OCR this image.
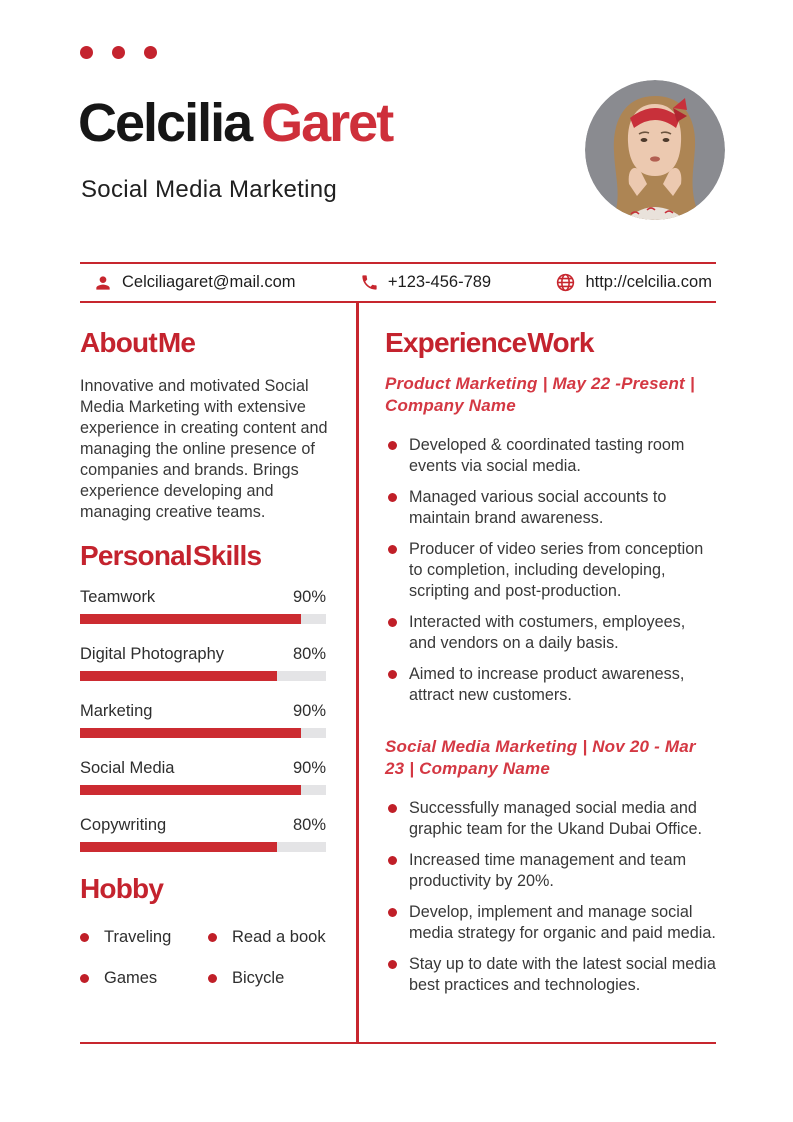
Celcilia Garet
Social Media Marketing
Celciliagaret@mail.com	+123-456-789	http://celcilia.com
About Me

Innovative and motivated Social Media Marketing with extensive experience in creating content and managing the online presence of companies and brands. Brings experience developing and managing creative teams.

Personal Skills
Teamwork	90%
Digital Photography	80%
Marketing	90%
Social Media	90%
Copywriting	80%
Hobby
Traveling
Games
Read a book
Bicycle
Experience Work
Product Marketing | May 22 -Present | Company Name
Developed & coordinated tasting room events via social media.
Managed various social accounts to maintain brand awareness.
Producer of video series from conception to completion, including developing, scripting and post-production.
Interacted with costumers, employees, and vendors on a daily basis.
Aimed to increase product awareness, attract new customers.
Social Media Marketing | Nov 20 - Mar 23 | Company Name
Successfully managed social media and graphic team for the Ukand Dubai Office.
Increased time management and team productivity by 20%.
Develop, implement and manage social media strategy for organic and paid media.
Stay up to date with the latest social media best practices and technologies.
